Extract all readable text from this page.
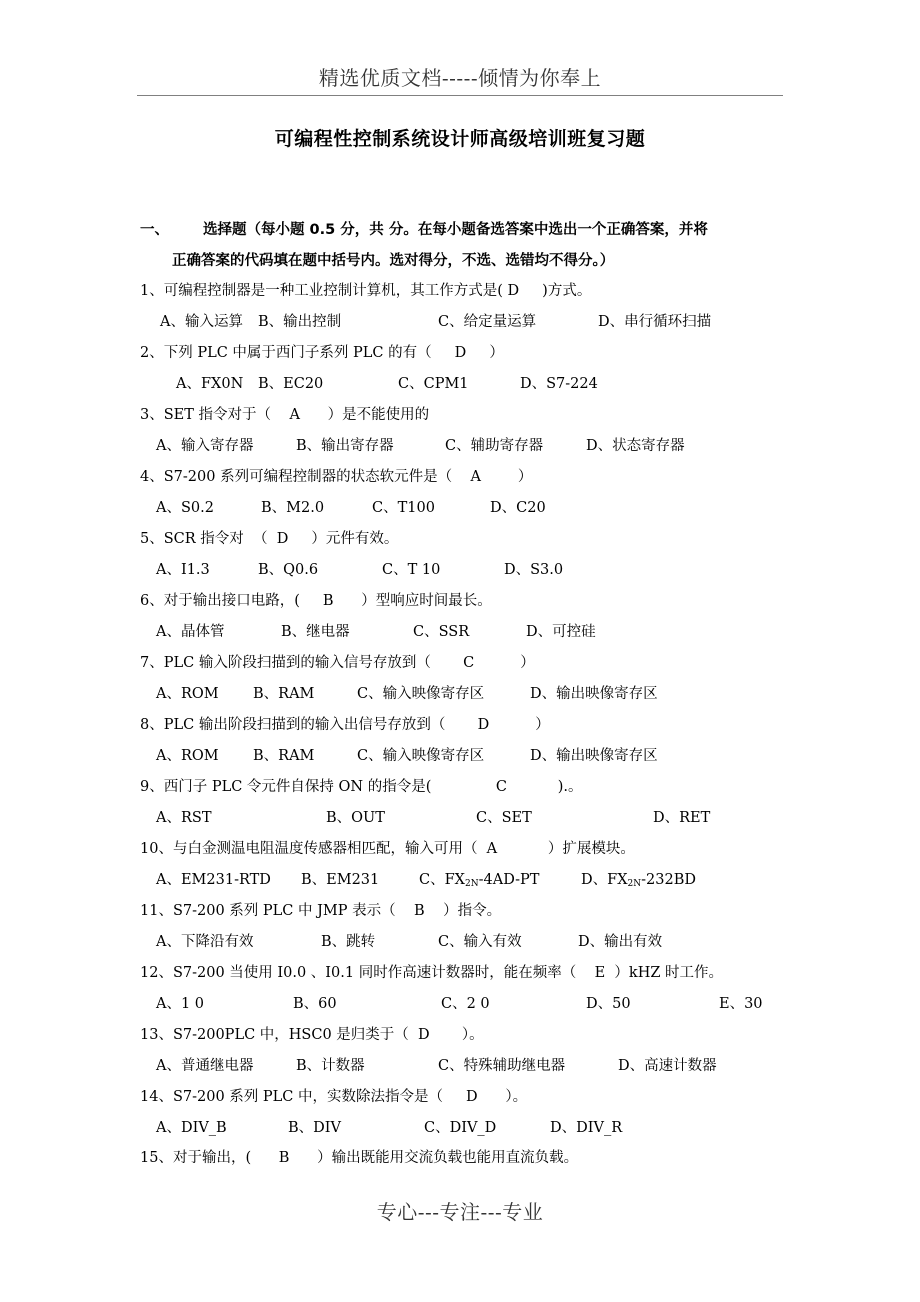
精选优质文档-----倾情为你奉上
可编程性控制系统设计师高级培训班复习题
一、 选择题（每小题 0.5 分，共 分。在每小题备选答案中选出一个正确答案，并将
正确答案的代码填在题中括号内。选对得分，不选、选错均不得分。）
1、可编程控制器是一种工业控制计算机，其工作方式是( D     )方式。
A、输入运算 B、输出控制	C、给定量运算	D、串行循环扫描
2、下列 PLC 中属于西门子系列 PLC 的有（     D     ）
A、FX0N B、EC20	C、CPM1	D、S7-224
3、SET 指令对于（    A      ）是不能使用的
A、输入寄存器	B、输出寄存器	C、辅助寄存器	D、状态寄存器
4、S7-200 系列可编程控制器的状态软元件是（    A        ）
A、S0.2	B、M2.0	C、T100	D、C20
5、SCR 指令对  （  D     ）元件有效。
A、I1.3	B、Q0.6	C、T 10	D、S3.0
6、对于输出接口电路，(     B      ）型响应时间最长。
A、晶体管	B、继电器	C、SSR	D、可控硅
7、PLC 输入阶段扫描到的输入信号存放到（       C          ）
A、ROM B、RAM	C、输入映像寄存区	D、输出映像寄存区
8、PLC 输出阶段扫描到的输入出信号存放到（       D          ）
A、ROM B、RAM	C、输入映像寄存区	D、输出映像寄存区
9、西门子 PLC 令元件自保持 ON 的指令是(              C           ).。
A、RST	B、OUT	C、SET	D、RET
10、与白金测温电阻温度传感器相匹配，输入可用（  A           ）扩展模块。
A、EM231-RTD B、EM231	C、$FX_{2N}-4AD-PT$	D、$FX_{2N}-232BD$
11、S7-200 系列 PLC 中 JMP 表示（    B    ）指令。
A、下降沿有效	B、跳转	C、输入有效	D、输出有效
12、S7-200 当使用 I0.0 、I0.1 同时作高速计数器时，能在频率（    E  ）kHZ 时工作。
A、1 0	B、60	C、2 0	D、50	E、30
13、S7-200PLC 中，HSC0 是归类于（  D       ）。
A、普通继电器	B、计数器	C、特殊辅助继电器	D、高速计数器
14、S7-200 系列 PLC 中，实数除法指令是（     D      ）。
A、DIV_B	B、DIV	C、DIV_D	D、DIV_R
15、对于输出，(      B      ）输出既能用交流负载也能用直流负载。
专心---专注---专业
